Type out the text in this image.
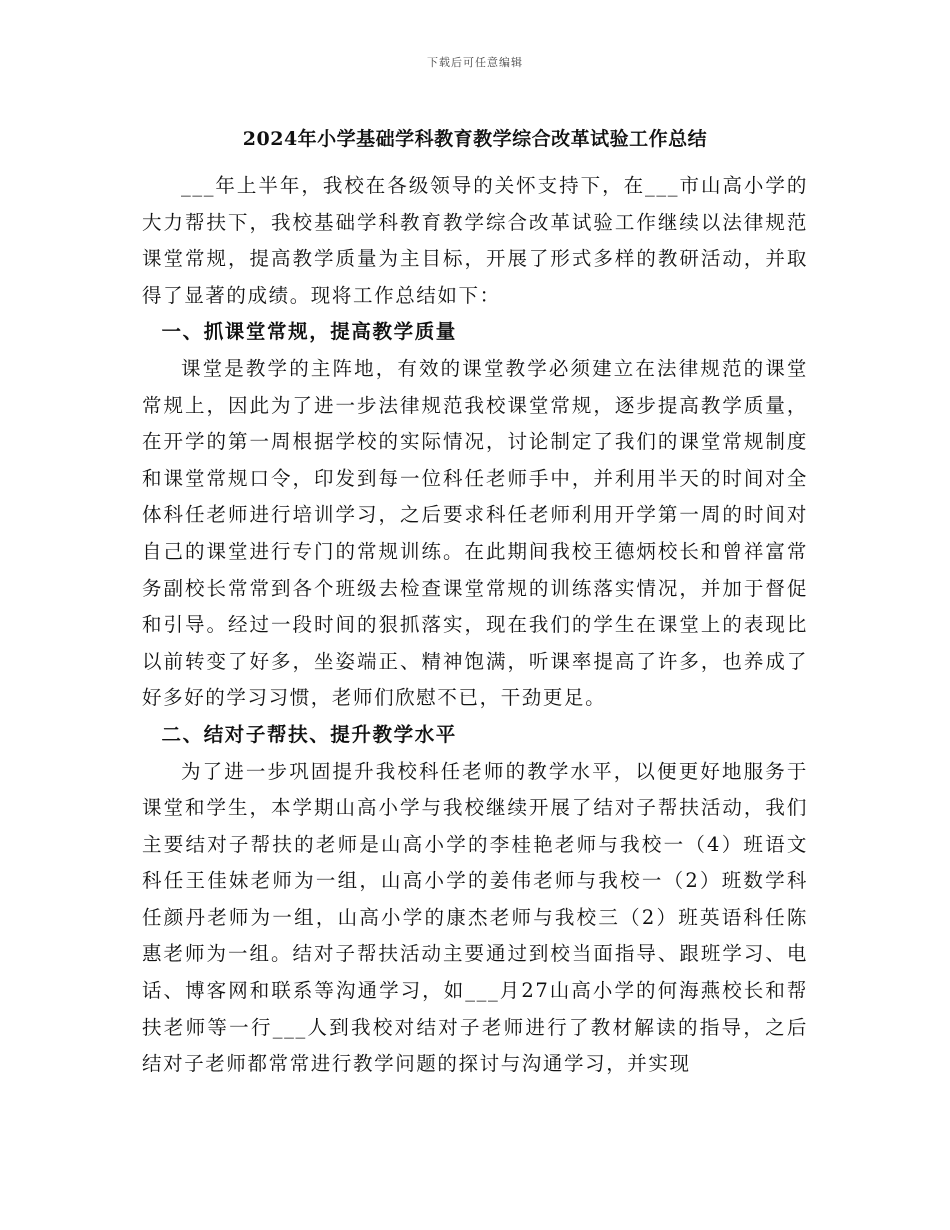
下载后可任意编辑
2024年小学基础学科教育教学综合改革试验工作总结

___年上半年，我校在各级领导的关怀支持下，在___市山高小学的大力帮扶下，我校基础学科教育教学综合改革试验工作继续以法律规范课堂常规，提高教学质量为主目标，开展了形式多样的教研活动，并取得了显著的成绩。现将工作总结如下：

一、抓课堂常规，提高教学质量

课堂是教学的主阵地，有效的课堂教学必须建立在法律规范的课堂常规上，因此为了进一步法律规范我校课堂常规，逐步提高教学质量，在开学的第一周根据学校的实际情况，讨论制定了我们的课堂常规制度和课堂常规口令，印发到每一位科任老师手中，并利用半天的时间对全体科任老师进行培训学习，之后要求科任老师利用开学第一周的时间对自己的课堂进行专门的常规训练。在此期间我校王德炳校长和曾祥富常务副校长常常到各个班级去检查课堂常规的训练落实情况，并加于督促和引导。经过一段时间的狠抓落实，现在我们的学生在课堂上的表现比以前转变了好多，坐姿端正、精神饱满，听课率提高了许多，也养成了好多好的学习习惯，老师们欣慰不已，干劲更足。

二、结对子帮扶、提升教学水平

为了进一步巩固提升我校科任老师的教学水平，以便更好地服务于课堂和学生，本学期山高小学与我校继续开展了结对子帮扶活动，我们主要结对子帮扶的老师是山高小学的李桂艳老师与我校一（4）班语文科任王佳妹老师为一组，山高小学的姜伟老师与我校一（2）班数学科任颜丹老师为一组，山高小学的康杰老师与我校三（2）班英语科任陈惠老师为一组。结对子帮扶活动主要通过到校当面指导、跟班学习、电话、博客网和联系等沟通学习，如___月27山高小学的何海燕校长和帮扶老师等一行___人到我校对结对子老师进行了教材解读的指导，之后结对子老师都常常进行教学问题的探讨与沟通学习，并实现
